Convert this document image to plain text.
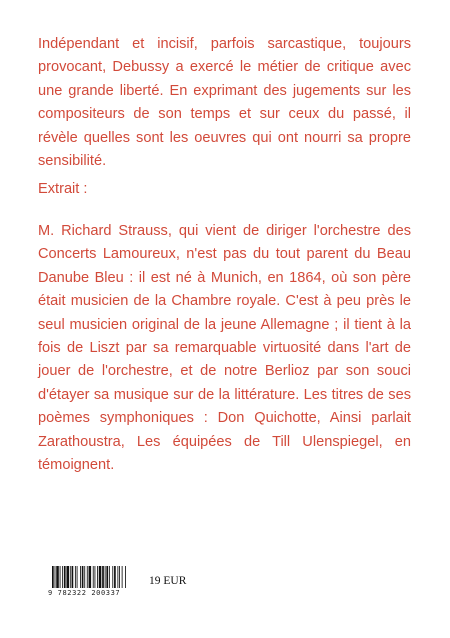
Indépendant et incisif, parfois sarcastique, toujours provocant, Debussy a exercé le métier de critique avec une grande liberté. En exprimant des jugements sur les compositeurs de son temps et sur ceux du passé, il révèle quelles sont les oeuvres qui ont nourri sa propre sensibilité.

Extrait :

M. Richard Strauss, qui vient de diriger l'orchestre des Concerts Lamoureux, n'est pas du tout parent du Beau Danube Bleu : il est né à Munich, en 1864, où son père était musicien de la Chambre royale. C'est à peu près le seul musicien original de la jeune Allemagne ; il tient à la fois de Liszt par sa remarquable virtuosité dans l'art de jouer de l'orchestre, et de notre Berlioz par son souci d'étayer sa musique sur de la littérature. Les titres de ses poèmes symphoniques : Don Quichotte, Ainsi parlait Zarathoustra, Les équipées de Till Ulenspiegel, en témoignent.

9 782322 200337
19 EUR
